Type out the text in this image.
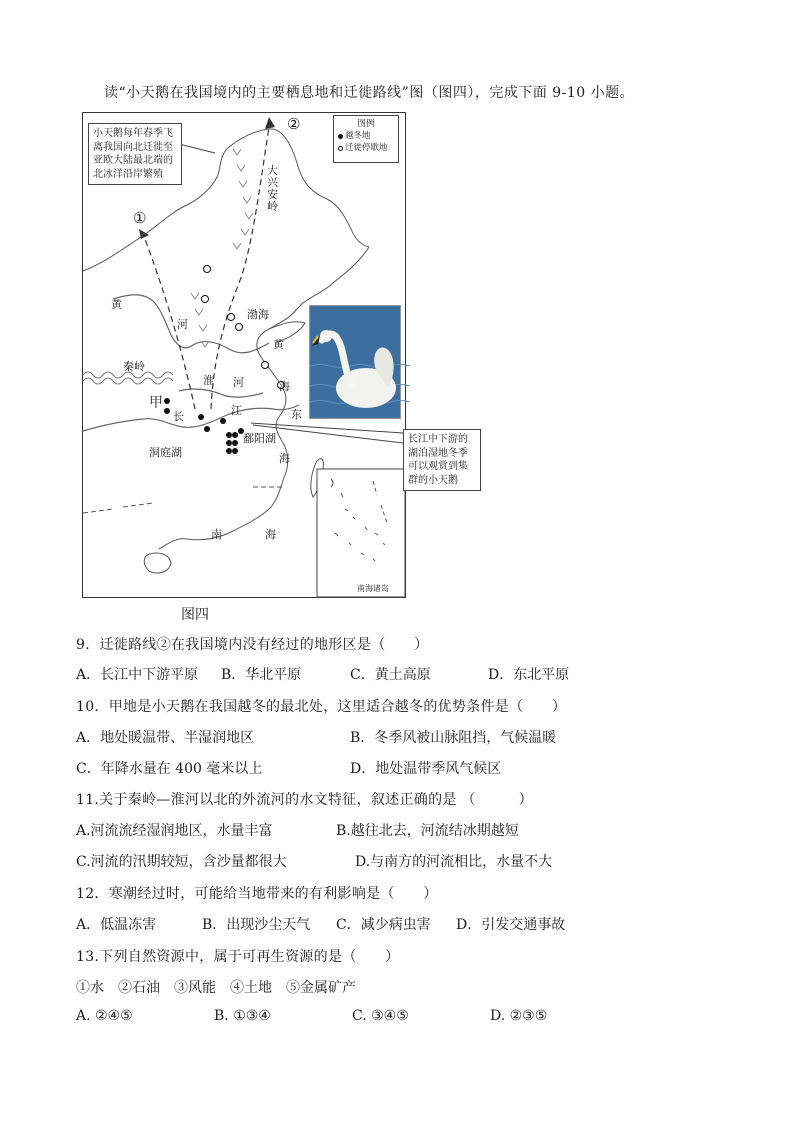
读“小天鹅在我国境内的主要栖息地和迁徙路线”图（图四），完成下面 9-10 小题。
小天鹅每年春季飞离我国向北迁徙至亚欧大陆最北端的北冰洋沿岸繁殖
图例
越冬地
迁徙停歇地
②
①
大兴安岭
渤海
黄
河
黄
海
秦岭
淮 河
甲
长	江
鄱阳湖
洞庭湖
东
海
南	海
长江中下游的湖泊湿地冬季可以观赏到集群的小天鹅
南海诸岛
图四
9．迁徙路线②在我国境内没有经过的地形区是（　　）
A．长江中下游平原 B．华北平原	C．黄土高原	D．东北平原
10．甲地是小天鹅在我国越冬的最北处，这里适合越冬的优势条件是（　　）
A．地处暖温带、半湿润地区	B．冬季风被山脉阻挡，气候温暖
C．年降水量在 400 毫米以上	D．地处温带季风气候区
11.关于秦岭—淮河以北的外流河的水文特征，叙述正确的是 （　　　）
A.河流流经湿润地区，水量丰富	B.越往北去，河流结冰期越短
C.河流的汛期较短，含沙量都很大	D.与南方的河流相比，水量不大
12．寒潮经过时，可能给当地带来的有利影响是（　　）
A．低温冻害	B．出现沙尘天气 C．减少病虫害 D．引发交通事故
13.下列自然资源中，属于可再生资源的是（　　）
①水　②石油　③风能　④土地　⑤金属矿产
A. ②④⑤	B. ①③④	C. ③④⑤	D. ②③⑤
